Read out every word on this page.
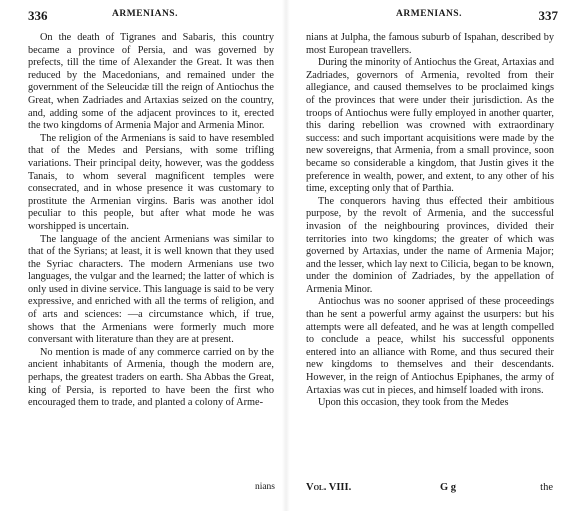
336	ARMENIANS.

On the death of Tigranes and Sabaris, this country became a province of Persia, and was governed by prefects, till the time of Alexander the Great. It was then reduced by the Macedonians, and remained under the government of the Seleucidæ till the reign of Antiochus the Great, when Zadriades and Artaxias seized on the country, and, adding some of the adjacent provinces to it, erected the two kingdoms of Armenia Major and Armenia Minor.

The religion of the Armenians is said to have resembled that of the Medes and Persians, with some trifling variations. Their principal deity, however, was the goddess Tanais, to whom several magnificent temples were consecrated, and in whose presence it was customary to prostitute the Armenian virgins. Baris was another idol peculiar to this people, but after what mode he was worshipped is uncertain.

The language of the ancient Armenians was similar to that of the Syrians; at least, it is well known that they used the Syriac characters. The modern Armenians use two languages, the vulgar and the learned; the latter of which is only used in divine service. This language is said to be very expressive, and enriched with all the terms of religion, and of arts and sciences: —a circumstance which, if true, shows that the Armenians were formerly much more conversant with literature than they are at present.

No mention is made of any commerce carried on by the ancient inhabitants of Armenia, though the modern are, perhaps, the greatest traders on earth. Sha Abbas the Great, king of Persia, is reported to have been the first who encouraged them to trade, and planted a colony of Arme-

nians
ARMENIANS.	337

nians at Julpha, the famous suburb of Ispahan, described by most European travellers.

During the minority of Antiochus the Great, Artaxias and Zadriades, governors of Armenia, revolted from their allegiance, and caused themselves to be proclaimed kings of the provinces that were under their jurisdiction. As the troops of Antiochus were fully employed in another quarter, this daring rebellion was crowned with extraordinary success: and such important acquisitions were made by the new sovereigns, that Armenia, from a small province, soon became so considerable a kingdom, that Justin gives it the preference in wealth, power, and extent, to any other of his time, excepting only that of Parthia.

The conquerors having thus effected their ambitious purpose, by the revolt of Armenia, and the successful invasion of the neighbouring provinces, divided their territories into two kingdoms; the greater of which was governed by Artaxias, under the name of Armenia Major; and the lesser, which lay next to Cilicia, began to be known, under the dominion of Zadriades, by the appellation of Armenia Minor.

Antiochus was no sooner apprised of these proceedings than he sent a powerful army against the usurpers: but his attempts were all defeated, and he was at length compelled to conclude a peace, whilst his successful opponents entered into an alliance with Rome, and thus secured their new kingdoms to themselves and their descendants. However, in the reign of Antiochus Epiphanes, the army of Artaxias was cut in pieces, and himself loaded with irons.

Upon this occasion, they took from the Medes

Vol. VIII.	G g	the
